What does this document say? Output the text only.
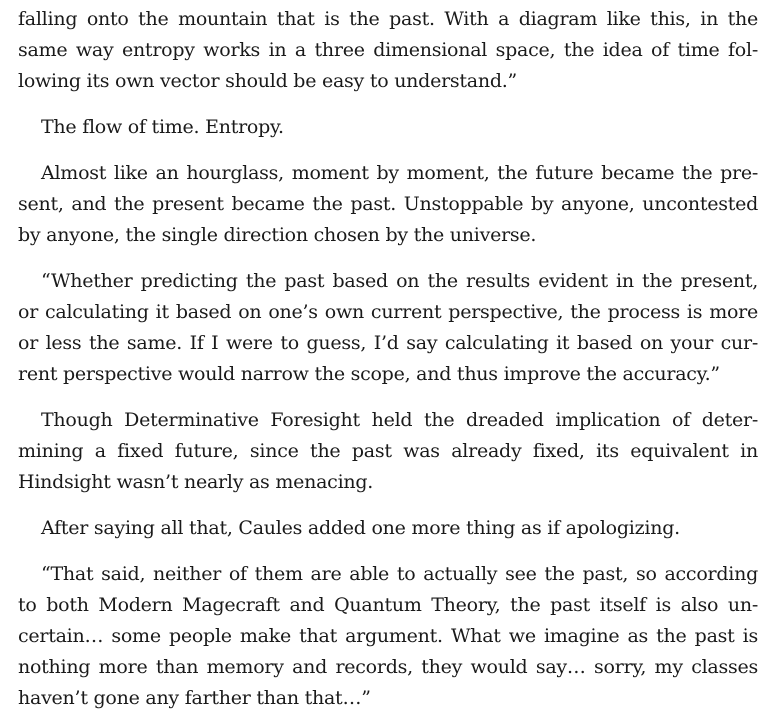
falling onto the mountain that is the past. With a diagram like this, in the
same way entropy works in a three dimensional space, the idea of time fol-
lowing its own vector should be easy to understand.”
The flow of time. Entropy.
Almost like an hourglass, moment by moment, the future became the pre-
sent, and the present became the past. Unstoppable by anyone, uncontested
by anyone, the single direction chosen by the universe.
“Whether predicting the past based on the results evident in the present,
or calculating it based on one’s own current perspective, the process is more
or less the same. If I were to guess, I’d say calculating it based on your cur-
rent perspective would narrow the scope, and thus improve the accuracy.”
Though Determinative Foresight held the dreaded implication of deter-
mining a fixed future, since the past was already fixed, its equivalent in
Hindsight wasn’t nearly as menacing.
After saying all that, Caules added one more thing as if apologizing.
“That said, neither of them are able to actually see the past, so according
to both Modern Magecraft and Quantum Theory, the past itself is also un-
certain… some people make that argument. What we imagine as the past is
nothing more than memory and records, they would say… sorry, my classes
haven’t gone any farther than that…”
